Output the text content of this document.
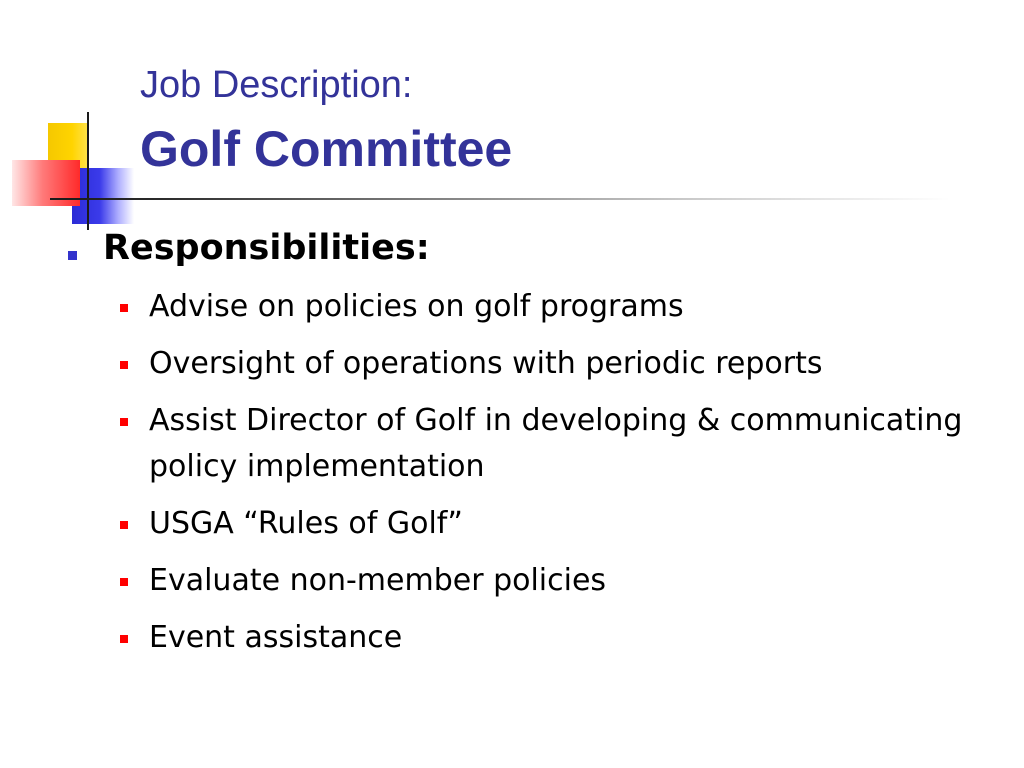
Job Description:
Golf Committee
Responsibilities:
Advise on policies on golf programs
Oversight of operations with periodic reports
Assist Director of Golf in developing & communicating policy implementation
USGA “Rules of Golf”
Evaluate non-member policies
Event assistance
